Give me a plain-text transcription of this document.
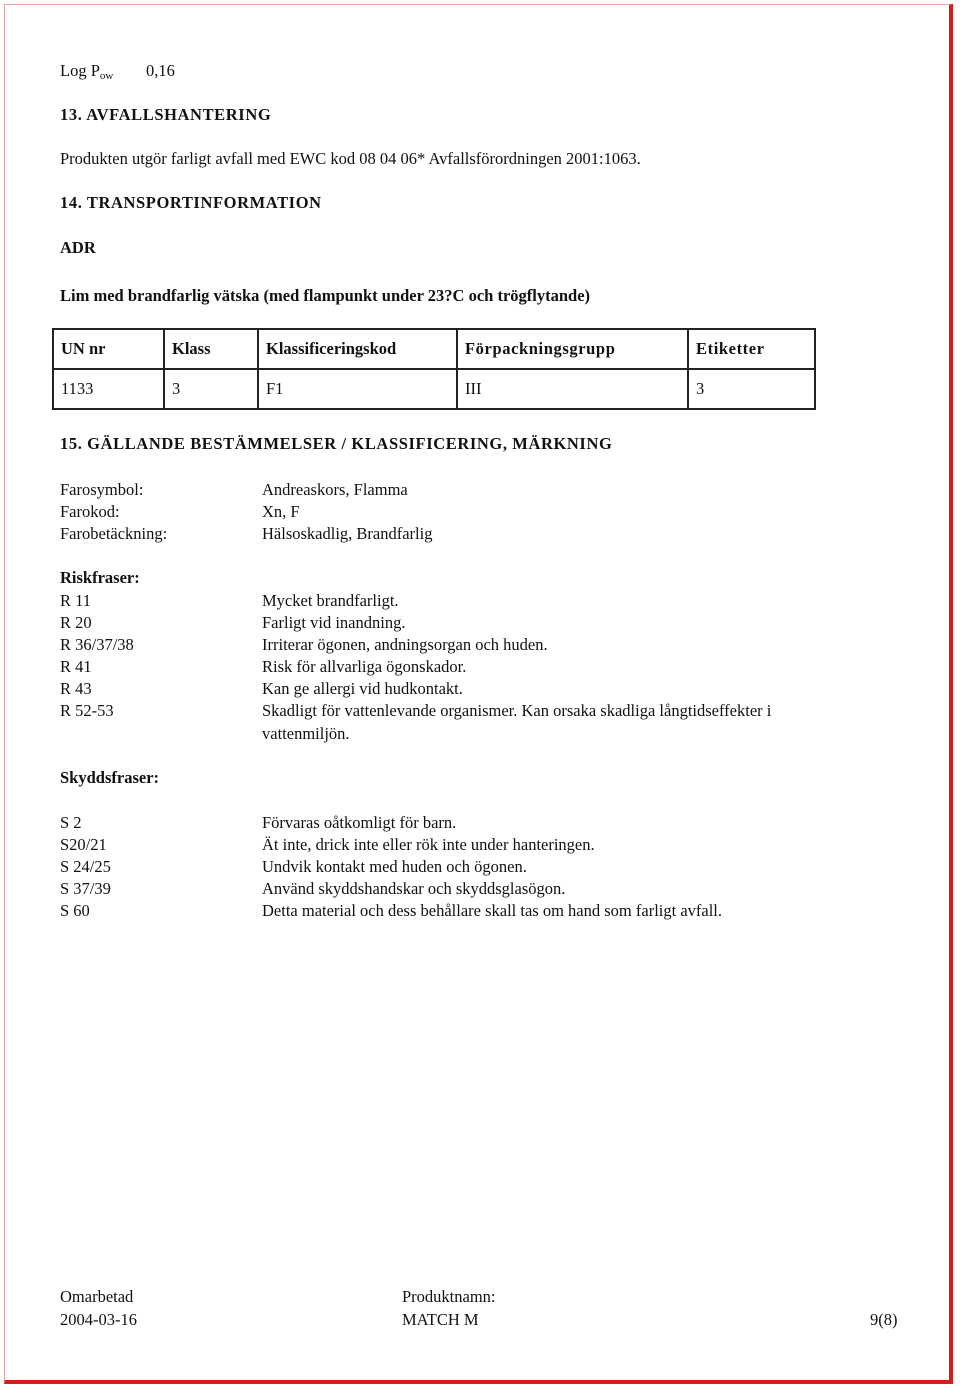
Log $P_{ow}$ 0,16
13. AVFALLSHANTERING
Produkten utgör farligt avfall med EWC kod 08 04 06* Avfallsförordningen 2001:1063.
14. TRANSPORTINFORMATION
ADR
Lim med brandfarlig vätska (med flampunkt under 23?C och trögflytande)
UN nr	Klass	Klassificeringskod	Förpackningsgrupp	Etiketter
1133	3	F1	III	3
15. GÄLLANDE BESTÄMMELSER / KLASSIFICERING, MÄRKNING
Farosymbol:	Andreaskors, Flamma
Farokod:	Xn, F
Farobetäckning:	Hälsoskadlig, Brandfarlig
Riskfraser:
R 11	Mycket brandfarligt.
R 20	Farligt vid inandning.
R 36/37/38	Irriterar ögonen, andningsorgan och huden.
R 41	Risk för allvarliga ögonskador.
R 43	Kan ge allergi vid hudkontakt.
R 52-53	Skadligt för vattenlevande organismer. Kan orsaka skadliga långtidseffekter i
vattenmiljön.
Skyddsfraser:
S 2	Förvaras oåtkomligt för barn.
S20/21	Ät inte, drick inte eller rök inte under hanteringen.
S 24/25	Undvik kontakt med huden och ögonen.
S 37/39	Använd skyddshandskar och skyddsglasögon.
S 60	Detta material och dess behållare skall tas om hand som farligt avfall.
Omarbetad
2004-03-16
Produktnamn:
MATCH M	9(8)
